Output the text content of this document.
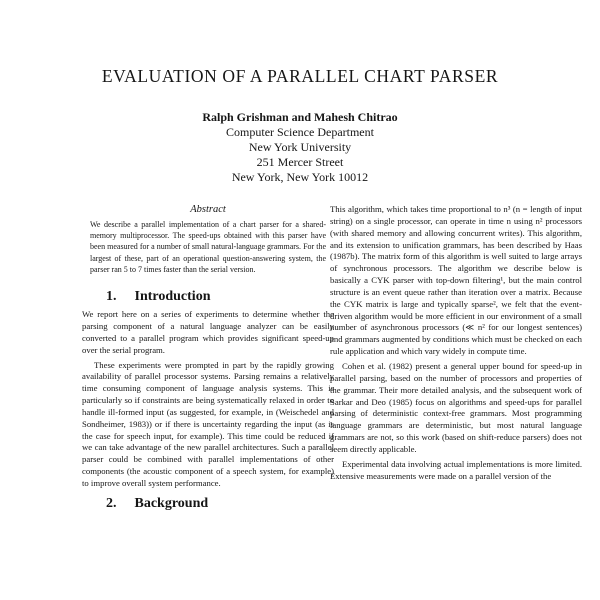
EVALUATION OF A PARALLEL CHART PARSER
Ralph Grishman and Mahesh Chitrao
Computer Science Department
New York University
251 Mercer Street
New York, New York 10012
Abstract

We describe a parallel implementation of a chart parser for a shared-memory multiprocessor. The speed-ups obtained with this parser have been measured for a number of small natural-language grammars. For the largest of these, part of an operational question-answering system, the parser ran 5 to 7 times faster than the serial version.

1. Introduction

We report here on a series of experiments to determine whether the parsing component of a natural language analyzer can be easily converted to a parallel program which provides significant speed-up over the serial program.

These experiments were prompted in part by the rapidly growing availability of parallel processor systems. Parsing remains a relatively time consuming component of language analysis systems. This is particularly so if constraints are being systematically relaxed in order to handle ill-formed input (as suggested, for example, in (Weischedel and Sondheimer, 1983)) or if there is uncertainty regarding the input (as is the case for speech input, for example). This time could be reduced if we can take advantage of the new parallel architectures. Such a parallel parser could be combined with parallel implementations of other components (the acoustic component of a speech system, for example) to improve overall system performance.

2. Background

This algorithm, which takes time proportional to n³ (n = length of input string) on a single processor, can operate in time n using n² processors (with shared memory and allowing concurrent writes). This algorithm, and its extension to unification grammars, has been described by Haas (1987b). The matrix form of this algorithm is well suited to large arrays of synchronous processors. The algorithm we describe below is basically a CYK parser with top-down filtering¹, but the main control structure is an event queue rather than iteration over a matrix. Because the CYK matrix is large and typically sparse², we felt that the event-driven algorithm would be more efficient in our environment of a small number of asynchronous processors (≪ n² for our longest sentences) and grammars augmented by conditions which must be checked on each rule application and which vary widely in compute time.

Cohen et al. (1982) present a general upper bound for speed-up in parallel parsing, based on the number of processors and properties of the grammar. Their more detailed analysis, and the subsequent work of Sarkar and Deo (1985) focus on algorithms and speed-ups for parallel parsing of deterministic context-free grammars. Most programming language grammars are deterministic, but most natural language grammars are not, so this work (based on shift-reduce parsers) does not seem directly applicable.

Experimental data involving actual implementations is more limited. Extensive measurements were made on a parallel version of the
